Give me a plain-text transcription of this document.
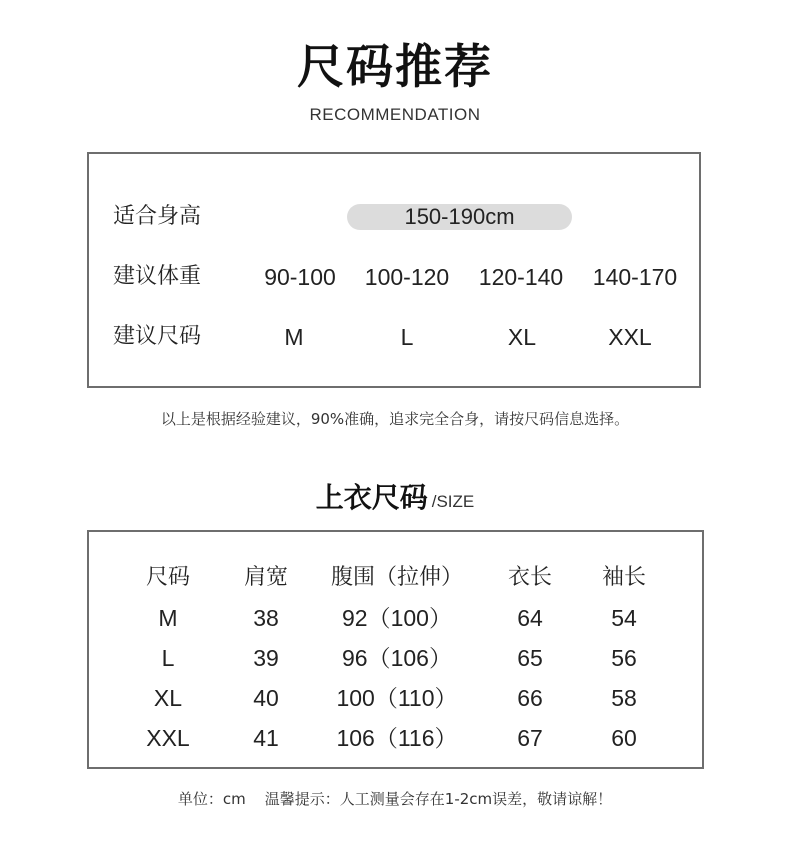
尺码推荐
RECOMMENDATION
适合身高	150-190cm
建议体重	90-100	100-120	120-140	140-170
建议尺码	M	L	XL	XXL
以上是根据经验建议，90%准确，追求完全合身，请按尺码信息选择。
上衣尺码 /SIZE
尺码	肩宽	腹围（拉伸）	衣长	袖长
M	38	92（100）	64	54
L	39	96（106）	65	56
XL	40	100（110）	66	58
XXL	41	106（116）	67	60
单位：cm    温馨提示：人工测量会存在1-2cm误差，敬请谅解！
